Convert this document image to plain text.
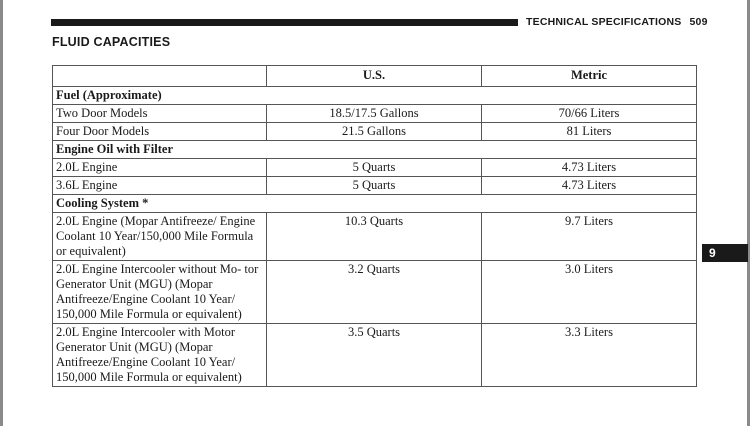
TECHNICAL SPECIFICATIONS 509
FLUID CAPACITIES
9
	U.S.	Metric
Fuel (Approximate)		
Two Door Models	18.5/17.5 Gallons	70/66 Liters
Four Door Models	21.5 Gallons	81 Liters
Engine Oil with Filter		
2.0L Engine	5 Quarts	4.73 Liters
3.6L Engine	5 Quarts	4.73 Liters
Cooling System *		
2.0L Engine (Mopar Antifreeze/ Engine Coolant 10 Year/150,000 Mile Formula or equivalent)	10.3 Quarts	9.7 Liters
2.0L Engine Intercooler without Mo- tor Generator Unit (MGU) (Mopar Antifreeze/Engine Coolant 10 Year/ 150,000 Mile Formula or equivalent)	3.2 Quarts	3.0 Liters
2.0L Engine Intercooler with Motor Generator Unit (MGU) (Mopar Antifreeze/Engine Coolant 10 Year/ 150,000 Mile Formula or equivalent)	3.5 Quarts	3.3 Liters
